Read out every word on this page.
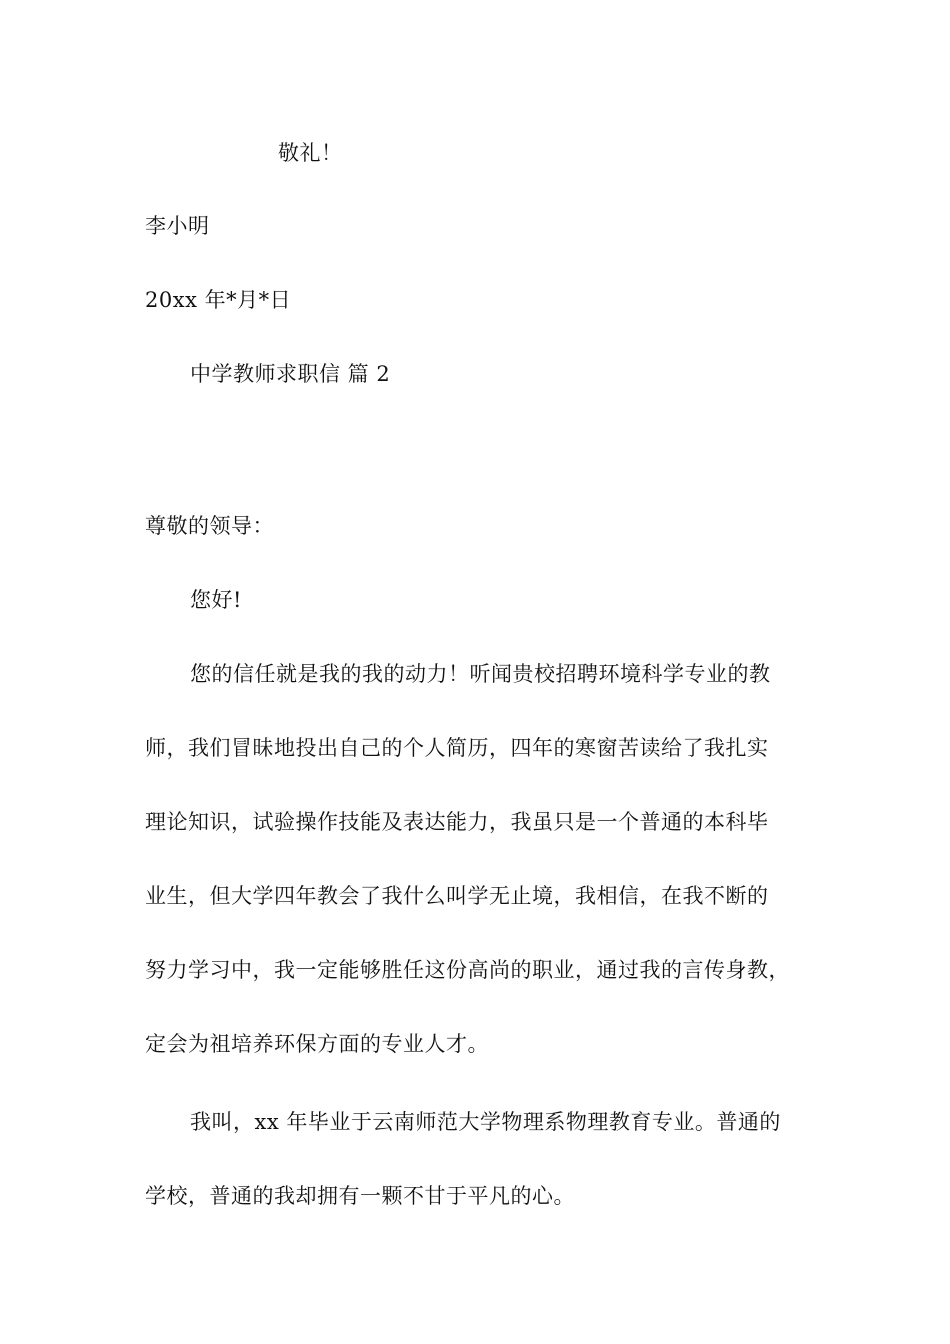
敬礼！
李小明
20xx 年*月*日
中学教师求职信 篇 2
尊敬的领导：
您好!
您的信任就是我的我的动力！听闻贵校招聘环境科学专业的教
师，我们冒昧地投出自己的个人简历，四年的寒窗苦读给了我扎实
理论知识，试验操作技能及表达能力，我虽只是一个普通的本科毕
业生，但大学四年教会了我什么叫学无止境，我相信，在我不断的
努力学习中，我一定能够胜任这份高尚的职业，通过我的言传身教，
定会为祖培养环保方面的专业人才。
我叫，xx 年毕业于云南师范大学物理系物理教育专业。普通的
学校，普通的我却拥有一颗不甘于平凡的心。
